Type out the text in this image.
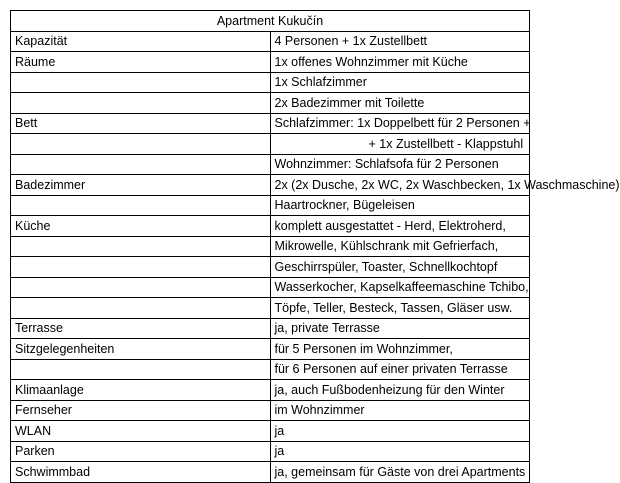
Apartment Kukučín	
Kapazität	4 Personen + 1x Zustellbett
Räume	1x offenes Wohnzimmer mit Küche
	1x Schlafzimmer
	2x Badezimmer mit Toilette
Bett	Schlafzimmer: 1x Doppelbett für 2 Personen +
	+ 1x Zustellbett - Klappstuhl
	Wohnzimmer: Schlafsofa für 2 Personen
Badezimmer	2x (2x Dusche, 2x WC, 2x Waschbecken, 1x Waschmaschine)
	Haartrockner, Bügeleisen
Küche	komplett ausgestattet - Herd, Elektroherd,
	Mikrowelle, Kühlschrank mit Gefrierfach,
	Geschirrspüler, Toaster, Schnellkochtopf
	Wasserkocher, Kapselkaffeemaschine Tchibo,
	Töpfe, Teller, Besteck, Tassen, Gläser usw.
Terrasse	ja, private Terrasse
Sitzgelegenheiten	für 5 Personen im Wohnzimmer,
	für 6 Personen auf einer privaten Terrasse
Klimaanlage	ja, auch Fußbodenheizung für den Winter
Fernseher	im Wohnzimmer
WLAN	ja
Parken	ja
Schwimmbad	ja, gemeinsam für Gäste von drei Apartments
